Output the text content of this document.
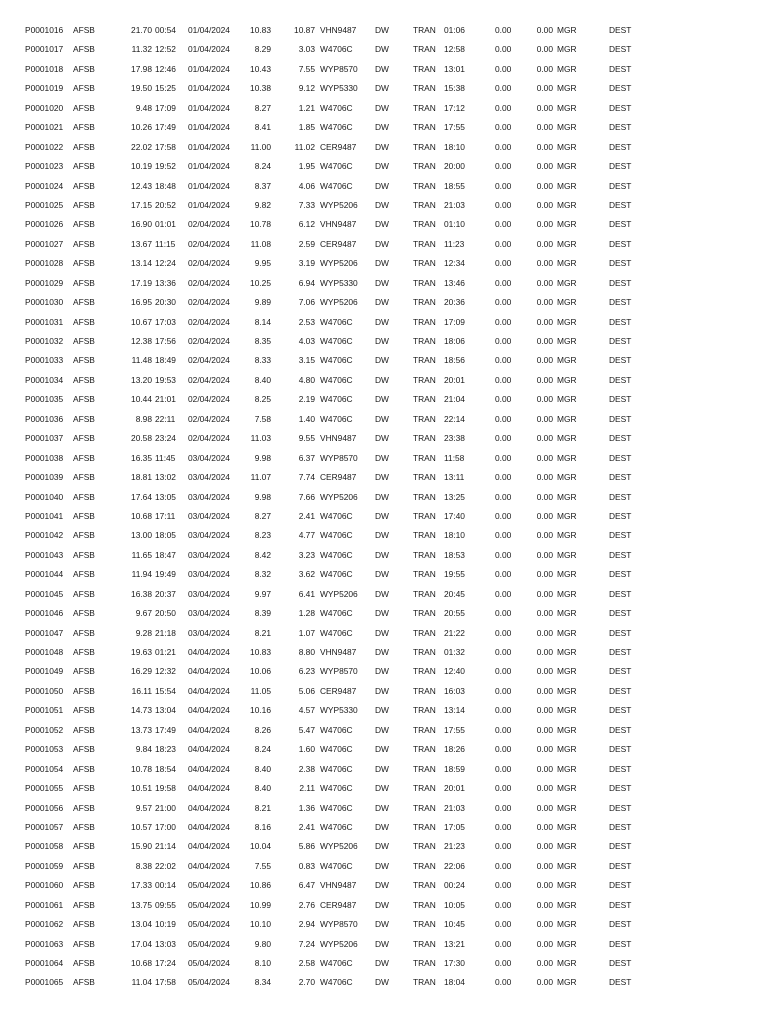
P0001016 AFSB	21.70 00:54 01/04/2024 10.83	10.87 VHN9487 DW	TRAN 01:06	0.00	0.00 MGR	DEST
P0001017 AFSB	11.32 12:52 01/04/2024	8.29	3.03 W4706C	DW	TRAN 12:58	0.00	0.00 MGR	DEST
P0001018 AFSB	17.98 12:46 01/04/2024 10.43	7.55 WYP8570 DW	TRAN 13:01	0.00	0.00 MGR	DEST
P0001019 AFSB	19.50 15:25 01/04/2024 10.38	9.12 WYP5330 DW	TRAN 15:38	0.00	0.00 MGR	DEST
P0001020 AFSB	9.48 17:09 01/04/2024	8.27	1.21 W4706C	DW	TRAN 17:12	0.00	0.00 MGR	DEST
P0001021 AFSB	10.26 17:49 01/04/2024	8.41	1.85 W4706C	DW	TRAN 17:55	0.00	0.00 MGR	DEST
P0001022 AFSB	22.02 17:58 01/04/2024 11.00	11.02 CER9487 DW	TRAN 18:10	0.00	0.00 MGR	DEST
P0001023 AFSB	10.19 19:52 01/04/2024	8.24	1.95 W4706C	DW	TRAN 20:00	0.00	0.00 MGR	DEST
P0001024 AFSB	12.43 18:48 01/04/2024	8.37	4.06 W4706C	DW	TRAN 18:55	0.00	0.00 MGR	DEST
P0001025 AFSB	17.15 20:52 01/04/2024	9.82	7.33 WYP5206 DW	TRAN 21:03	0.00	0.00 MGR	DEST
P0001026 AFSB	16.90 01:01 02/04/2024 10.78	6.12 VHN9487 DW	TRAN 01:10	0.00	0.00 MGR	DEST
P0001027 AFSB	13.67 11:15 02/04/2024 11.08	2.59 CER9487 DW	TRAN 11:23	0.00	0.00 MGR	DEST
P0001028 AFSB	13.14 12:24 02/04/2024	9.95	3.19 WYP5206 DW	TRAN 12:34	0.00	0.00 MGR	DEST
P0001029 AFSB	17.19 13:36 02/04/2024 10.25	6.94 WYP5330 DW	TRAN 13:46	0.00	0.00 MGR	DEST
P0001030 AFSB	16.95 20:30 02/04/2024	9.89	7.06 WYP5206 DW	TRAN 20:36	0.00	0.00 MGR	DEST
P0001031 AFSB	10.67 17:03 02/04/2024	8.14	2.53 W4706C	DW	TRAN 17:09	0.00	0.00 MGR	DEST
P0001032 AFSB	12.38 17:56 02/04/2024	8.35	4.03 W4706C	DW	TRAN 18:06	0.00	0.00 MGR	DEST
P0001033 AFSB	11.48 18:49 02/04/2024	8.33	3.15 W4706C	DW	TRAN 18:56	0.00	0.00 MGR	DEST
P0001034 AFSB	13.20 19:53 02/04/2024	8.40	4.80 W4706C	DW	TRAN 20:01	0.00	0.00 MGR	DEST
P0001035 AFSB	10.44 21:01 02/04/2024	8.25	2.19 W4706C	DW	TRAN 21:04	0.00	0.00 MGR	DEST
P0001036 AFSB	8.98 22:11 02/04/2024	7.58	1.40 W4706C	DW	TRAN 22:14	0.00	0.00 MGR	DEST
P0001037 AFSB	20.58 23:24 02/04/2024 11.03	9.55 VHN9487 DW	TRAN 23:38	0.00	0.00 MGR	DEST
P0001038 AFSB	16.35 11:45 03/04/2024	9.98	6.37 WYP8570 DW	TRAN 11:58	0.00	0.00 MGR	DEST
P0001039 AFSB	18.81 13:02 03/04/2024 11.07	7.74 CER9487 DW	TRAN 13:11	0.00	0.00 MGR	DEST
P0001040 AFSB	17.64 13:05 03/04/2024	9.98	7.66 WYP5206 DW	TRAN 13:25	0.00	0.00 MGR	DEST
P0001041 AFSB	10.68 17:11 03/04/2024	8.27	2.41 W4706C	DW	TRAN 17:40	0.00	0.00 MGR	DEST
P0001042 AFSB	13.00 18:05 03/04/2024	8.23	4.77 W4706C	DW	TRAN 18:10	0.00	0.00 MGR	DEST
P0001043 AFSB	11.65 18:47 03/04/2024	8.42	3.23 W4706C	DW	TRAN 18:53	0.00	0.00 MGR	DEST
P0001044 AFSB	11.94 19:49 03/04/2024	8.32	3.62 W4706C	DW	TRAN 19:55	0.00	0.00 MGR	DEST
P0001045 AFSB	16.38 20:37 03/04/2024	9.97	6.41 WYP5206 DW	TRAN 20:45	0.00	0.00 MGR	DEST
P0001046 AFSB	9.67 20:50 03/04/2024	8.39	1.28 W4706C	DW	TRAN 20:55	0.00	0.00 MGR	DEST
P0001047 AFSB	9.28 21:18 03/04/2024	8.21	1.07 W4706C	DW	TRAN 21:22	0.00	0.00 MGR	DEST
P0001048 AFSB	19.63 01:21 04/04/2024 10.83	8.80 VHN9487 DW	TRAN 01:32	0.00	0.00 MGR	DEST
P0001049 AFSB	16.29 12:32 04/04/2024 10.06	6.23 WYP8570 DW	TRAN 12:40	0.00	0.00 MGR	DEST
P0001050 AFSB	16.11 15:54 04/04/2024 11.05	5.06 CER9487 DW	TRAN 16:03	0.00	0.00 MGR	DEST
P0001051 AFSB	14.73 13:04 04/04/2024 10.16	4.57 WYP5330 DW	TRAN 13:14	0.00	0.00 MGR	DEST
P0001052 AFSB	13.73 17:49 04/04/2024	8.26	5.47 W4706C	DW	TRAN 17:55	0.00	0.00 MGR	DEST
P0001053 AFSB	9.84 18:23 04/04/2024	8.24	1.60 W4706C	DW	TRAN 18:26	0.00	0.00 MGR	DEST
P0001054 AFSB	10.78 18:54 04/04/2024	8.40	2.38 W4706C	DW	TRAN 18:59	0.00	0.00 MGR	DEST
P0001055 AFSB	10.51 19:58 04/04/2024	8.40	2.11 W4706C	DW	TRAN 20:01	0.00	0.00 MGR	DEST
P0001056 AFSB	9.57 21:00 04/04/2024	8.21	1.36 W4706C	DW	TRAN 21:03	0.00	0.00 MGR	DEST
P0001057 AFSB	10.57 17:00 04/04/2024	8.16	2.41 W4706C	DW	TRAN 17:05	0.00	0.00 MGR	DEST
P0001058 AFSB	15.90 21:14 04/04/2024 10.04	5.86 WYP5206 DW	TRAN 21:23	0.00	0.00 MGR	DEST
P0001059 AFSB	8.38 22:02 04/04/2024	7.55	0.83 W4706C	DW	TRAN 22:06	0.00	0.00 MGR	DEST
P0001060 AFSB	17.33 00:14 05/04/2024 10.86	6.47 VHN9487 DW	TRAN 00:24	0.00	0.00 MGR	DEST
P0001061 AFSB	13.75 09:55 05/04/2024 10.99	2.76 CER9487 DW	TRAN 10:05	0.00	0.00 MGR	DEST
P0001062 AFSB	13.04 10:19 05/04/2024 10.10	2.94 WYP8570 DW	TRAN 10:45	0.00	0.00 MGR	DEST
P0001063 AFSB	17.04 13:03 05/04/2024	9.80	7.24 WYP5206 DW	TRAN 13:21	0.00	0.00 MGR	DEST
P0001064 AFSB	10.68 17:24 05/04/2024	8.10	2.58 W4706C	DW	TRAN 17:30	0.00	0.00 MGR	DEST
P0001065 AFSB	11.04 17:58 05/04/2024	8.34	2.70 W4706C	DW	TRAN 18:04	0.00	0.00 MGR	DEST
